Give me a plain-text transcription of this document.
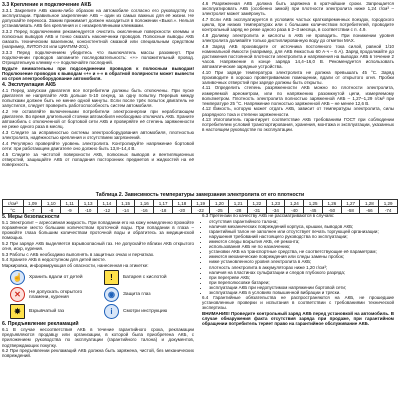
3.3 Крепление и подключение АКБ

3.3.1 Закрепите АКБ каким-либо образом на автомобиле согласно его руководству по эксплуатации. Правильное закрепление АКБ – один из самых важных для её жизни. Не допускайте перекоса. Зажим прижимает должен находиться в положении «Выкл.». Нельзя устанавливать АКБ без крепления и с незакреплёнными клеммами.

3.3.2 Перед подключением рекомендуется очистить окисленные поверхности клеммы и полюсных выводов АКБ и тонко смазать наконечники проводов. Полюсные выводы АКБ смазать техническим вазелином, консистентной смазкой или специальным средством (например, ЛИТОЛ-24 или ЦИАТИМ-201).

3.3.3 Перед подключением убедитесь что выключатель массы разомкнут. При подключении проводов запомните последовательность: «+» положительный провод. Отрицательную клемму «-» подключайте последней.

Будьте внимательны при подсоединении проводов к полюсным выводам! Подключение проводов к выводам «+» и «-» в обратной полярности может вывести из строя электрооборудование автомобиля.

4. Эксплуатация АКБ

4.1 Перед запуском двигателя все потребители должны быть отключены. При пуске двигателя не напрягайте АКБ дольше 5-10 секунд, за одну попытку. Перерыв между попытками должен быть не менее одной минуты. Если после трёх попыток двигатель не запустился, следует проверить работоспособность систем автомобиля.

4.2 Не оставляйте включенными потребители электроэнергии при неработающем двигателе. Во время длительной стоянки автомобиля необходимо отключать АКБ. Храните автомобиль с отключенной от бортовой сети АКБ и проверяйте её степень заряженности не реже одного раза в месяц.

4.3 Следите за исправностью системы электрооборудования автомобиля, плотностью электролита, надёжностью крепления и отсутствием загрязнений.

4.4 Регулярно проверяйте уровень электролита. Контролируйте напряжение бортовой сети: при работающем двигателе оно должно быть 13,8–14,4 В.

4.5 Следите за чистотой поверхности АКБ, полюсных выводов и вентиляционных отверстий, защищайте АКБ от попадания посторонних предметов и жидкостей на её поверхность.

4.6 Разряженная АКБ должна быть заряжена в кратчайшие сроки. Запрещается эксплуатировать АКБ (особенно зимой) при плотности электролита ниже 1,24 г/см³ – электролит может замёрзнуть.

4.7 Если АКБ эксплуатируется в условиях частых кратковременных поездок, городского цикла, при низких температурах или с большим количеством потребителей, проводите контрольный заряд не реже одного раза в 2–3 месяца, в соответствии с п. 4.9.

4.8 Доливку электролита и кислоты в АКБ не проводить. При понижении уровня электролита доливайте только дистиллированную воду до отметки MAX.

4.9 Заряд АКБ производите от источника постоянного тока силой, равной 1/10 номинальной ёмкости (например, для АКБ ёмкостью 60 А·ч – 6 А). Заряд продолжайте до достижения постоянной плотности электролита и напряжения на выводах АКБ в течение 2 часов. Напряжение в конце заряда 14,4–16,0 В. Рекомендуется использовать автоматические зарядные устройства.

4.10 При заряде температура электролита не должна превышать 45 °С. Заряд производите в хорошо проветриваемом помещении, вдали от открытого огня. Пробки заливочных отверстий при заряде должны быть открыты.

4.11 Определить степень разряженности АКБ можно по плотности электролита, измеряемой ареометром, или по напряжению разомкнутой цепи, измеряемому вольтметром. Плотность электролита полностью заряженной АКБ – 1,27–1,29 г/см³ при температуре 25 °С. Напряжение полностью заряженной АКБ – не менее 12,6 В.

4.12 Ёмкость, которую может отдать АКБ, зависит от температуры электролита, силы разрядного тока и степени заряженности.

4.13 Изготовитель гарантирует соответствие АКБ требованиям ГОСТ при соблюдении потребителем условий транспортирования, хранения, монтажа и эксплуатации, указанных в настоящем руководстве по эксплуатации.

Таблица 2. Зависимость температуры замерзания электролита от его плотности
г/см³	1,09	1,10	1,11	1,13	1,14	1,15	1,16	1,17	1,18	1,19	1,20	1,21	1,22	1,23	1,24	1,25	1,26	1,27	1,28	1,29
°С	-7	-8	-9	-10	-12	-14	-16	-18	-20	-22	-25	-28	-31	-34	-40	-45	-50	-58	-66	-74
5. Меры безопасности

5.1 Электролит – агрессивная жидкость. При попадании его на кожу немедленно промойте поражённое место большим количеством проточной воды. При попадании в глаза – промойте глаза большим количеством проточной воды и обратитесь за медицинской помощью.

5.2 При заряде АКБ выделяется взрывоопасный газ. Не допускайте вблизи АКБ открытого огня, искр, курения.

5.3 Работы с АКБ необходимо выполнять в защитных очках и перчатках.

5.4 Храните АКБ в недоступном для детей месте.

Маркировка, информирующая об опасности, нанесенная на этикетке:

☝	Хранить вдали от детей	!	Батарея с кислотой
✕	Не допускать открытого пламени, курения	◉	Защита глаз
✸	Взрывчатый газ	i	Смотри инструкцию
6. Предъявление рекламаций

6.1 В случае несоответствия АКБ в течение гарантийного срока, рекламации предъявляются продавцу или организации, в которой была приобретена АКБ, с приложением руководства по эксплуатации (гарантийного талона) и документов, подтверждающих покупку.

6.2 При предъявлении рекламаций АКБ должна быть заряжена, чистой, без механических повреждений.

6.3 Претензии по качеству АКБ не рассматриваются в случаях:

• отсутствия гарантийного талона;
• наличия механических повреждений корпуса, крышки, выводов АКБ;
• гарантийный талон не заполнен или отсутствует печать торгующей организации;
• нарушения требований настоящего руководства по эксплуатации;
• имеются следы вскрытия АКБ, её ремонта;
• использования АКБ не по назначению;
• установки АКБ на транспортные средства, не соответствующие её параметрам;
• имеются механические повреждения или следы замены пробок;
• ниже установленного уровня электролита в АКБ;
• плотность электролита в аккумуляторах ниже 1,20 г/см³;
• наличия на пластинах сульфатации и следов глубокого разряда;
• при перегреве АКБ;
• при переполюсовке батареи;
• эксплуатации АКБ при недопустимом напряжении бортовой сети;
• эксплуатации АКБ в условиях повышенной вибрации и тряски.

6.4 Гарантийные обязательства не распространяются на АКБ, не прошедшие установленные проверки и испытания в соответствии с требованиями технической экспертизы.

ВНИМАНИЕ! Проведите контрольный заряд АКБ перед установкой на автомобиль. В случае обнаружения факта отсутствия заряда при продаже, при гарантийном обращении потребитель теряет право на гарантийное обслуживание АКБ.
